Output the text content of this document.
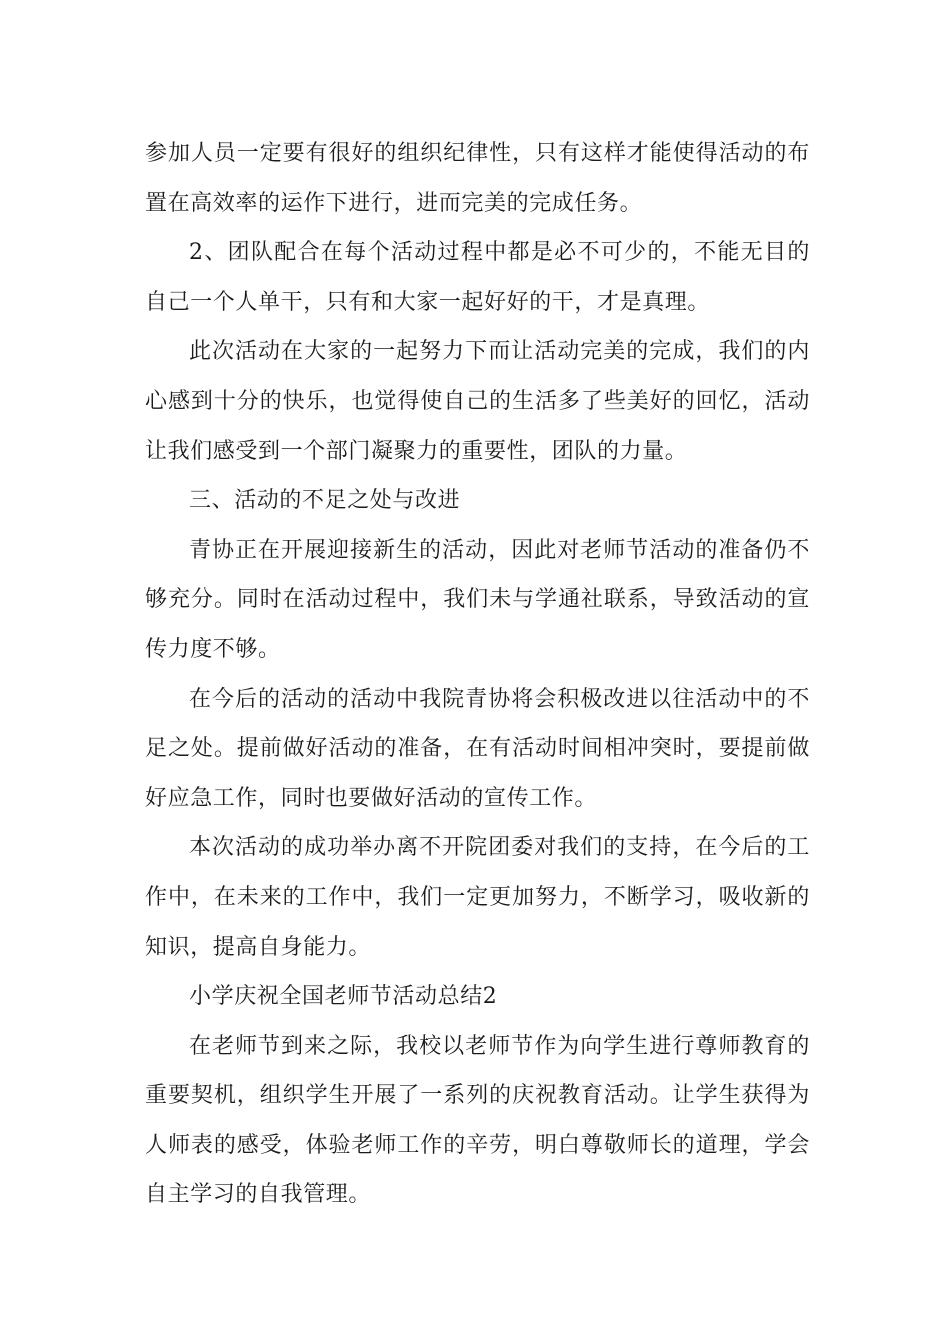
参加人员一定要有很好的组织纪律性，只有这样才能使得活动的布置在高效率的运作下进行，进而完美的完成任务。

2、团队配合在每个活动过程中都是必不可少的，不能无目的自己一个人单干，只有和大家一起好好的干，才是真理。

此次活动在大家的一起努力下而让活动完美的完成，我们的内心感到十分的快乐，也觉得使自己的生活多了些美好的回忆，活动让我们感受到一个部门凝聚力的重要性，团队的力量。

三、活动的不足之处与改进

青协正在开展迎接新生的活动，因此对老师节活动的准备仍不够充分。同时在活动过程中，我们未与学通社联系，导致活动的宣传力度不够。

在今后的活动的活动中我院青协将会积极改进以往活动中的不足之处。提前做好活动的准备，在有活动时间相冲突时，要提前做好应急工作，同时也要做好活动的宣传工作。

本次活动的成功举办离不开院团委对我们的支持，在今后的工作中，在未来的工作中，我们一定更加努力，不断学习，吸收新的知识，提高自身能力。

小学庆祝全国老师节活动总结2

在老师节到来之际，我校以老师节作为向学生进行尊师教育的重要契机，组织学生开展了一系列的庆祝教育活动。让学生获得为人师表的感受，体验老师工作的辛劳，明白尊敬师长的道理，学会自主学习的自我管理。
